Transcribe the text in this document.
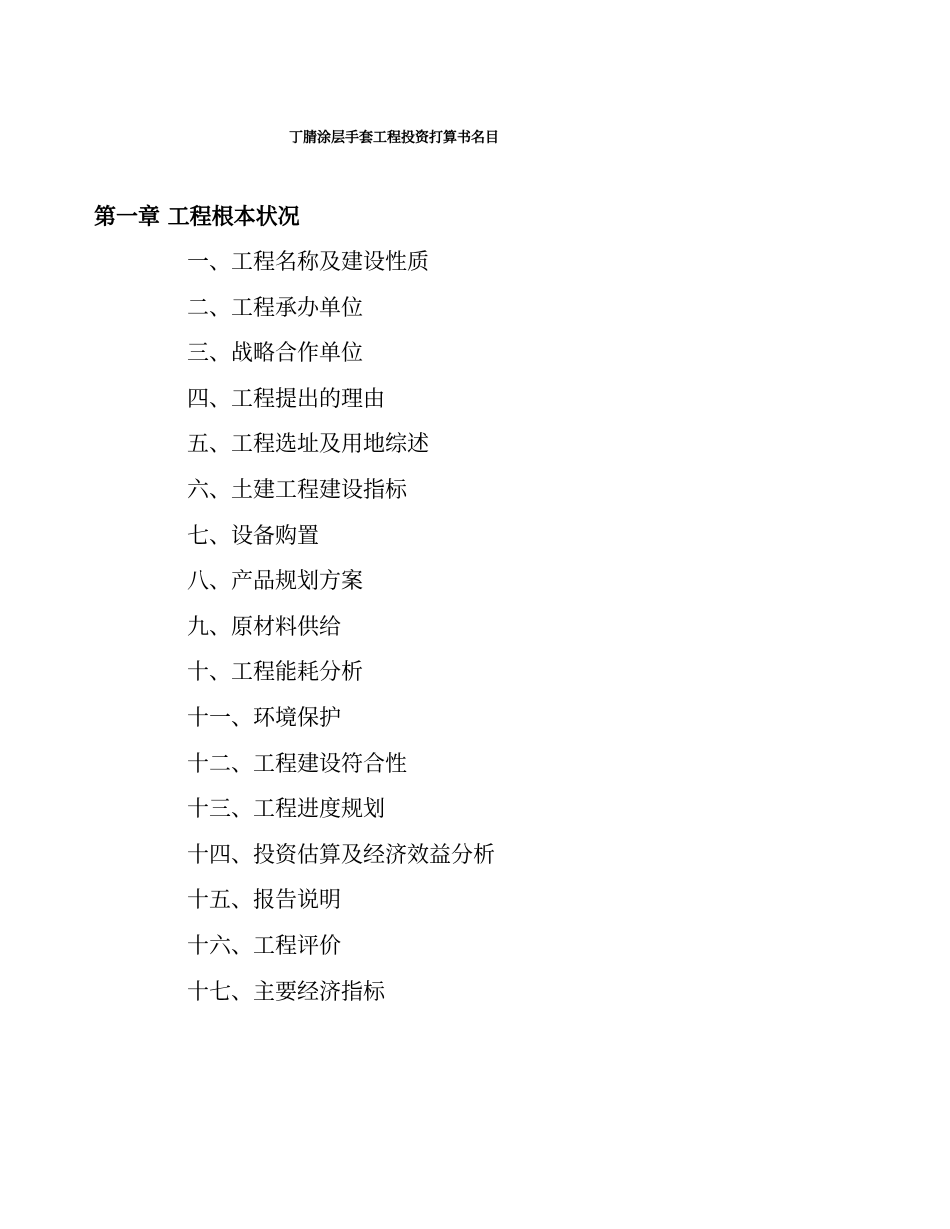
丁腈涂层手套工程投资打算书名目
第一章 工程根本状况
一、工程名称及建设性质
二、工程承办单位
三、战略合作单位
四、工程提出的理由
五、工程选址及用地综述
六、土建工程建设指标
七、设备购置
八、产品规划方案
九、原材料供给
十、工程能耗分析
十一、环境保护
十二、工程建设符合性
十三、工程进度规划
十四、投资估算及经济效益分析
十五、报告说明
十六、工程评价
十七、主要经济指标
